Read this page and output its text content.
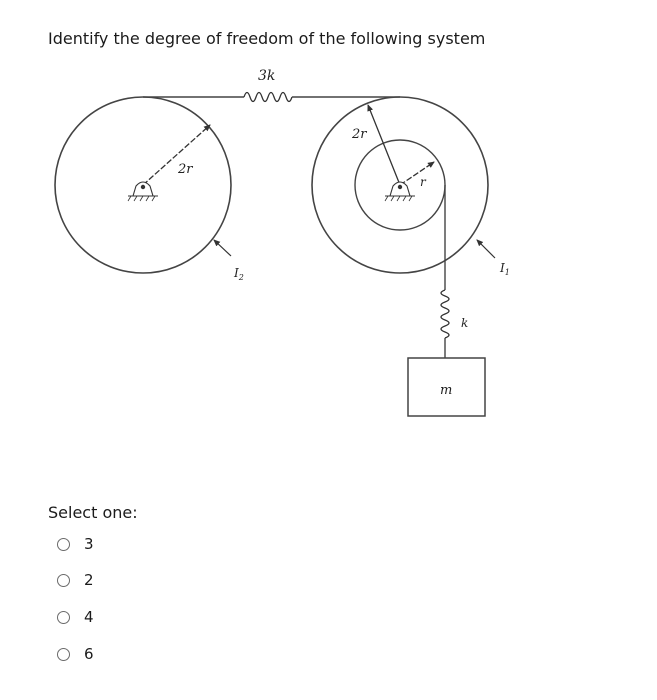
Identify the degree of freedom of the following system
2r
$I_2$
3k
2r
r
$I_1$
k
m
Select one:
3
2
4
6
